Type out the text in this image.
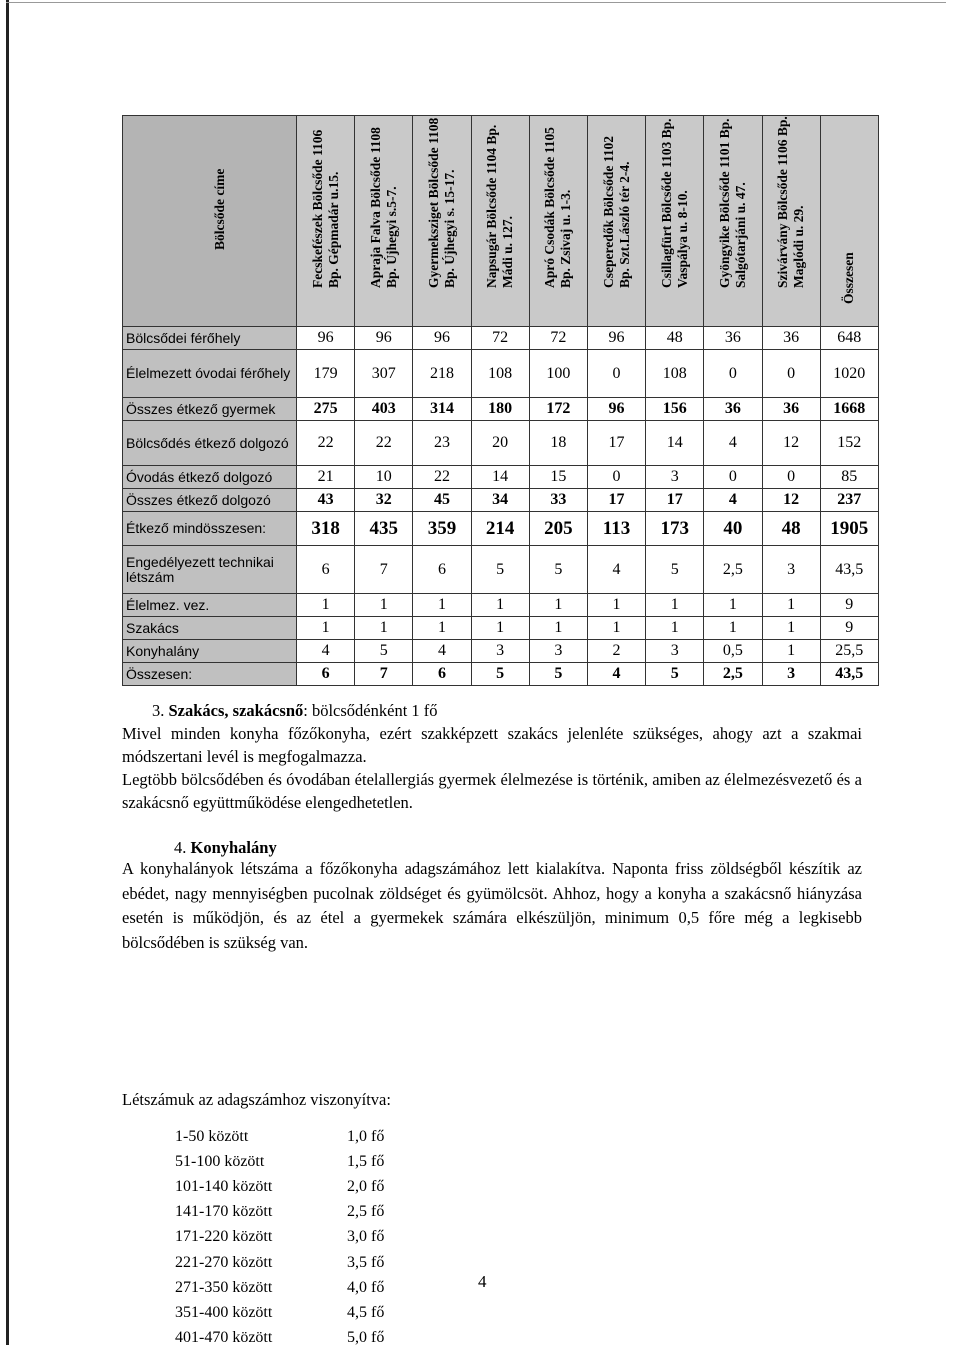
Bölcsőde címe	Fecskefészek Bölcsőde 1106 Bp. Gépmadár u.15.	Apraja Falva Bölcsőde 1108 Bp. Újhegyi s.5-7.	Gyermeksziget Bölcsőde 1108 Bp. Újhegyi s. 15-17.	Napsugár Bölcsőde 1104 Bp. Mádi u. 127.	Apró Csodák Bölcsőde 1105 Bp. Zsivaj u. 1-3.	Cseperedők Bölcsőde 1102 Bp. Szt.László tér 2-4.	Csillagfürt Bölcsőde 1103 Bp. Vaspálya u. 8-10.	Gyöngyike Bölcsőde 1101 Bp. Salgótarjáni u. 47.	Szivárvány Bölcsőde 1106 Bp. Maglódi u. 29.	Összesen

Bölcsődei férőhely	96	96	96	72	72	96	48	36	36	648
Élelmezett óvodai férőhely	179	307	218	108	100	0	108	0	0	1020
Összes étkező gyermek	275	403	314	180	172	96	156	36	36	1668
Bölcsődés étkező dolgozó	22	22	23	20	18	17	14	4	12	152
Óvodás étkező dolgozó	21	10	22	14	15	0	3	0	0	85
Összes étkező dolgozó	43	32	45	34	33	17	17	4	12	237
Étkező mindösszesen:	318	435	359	214	205	113	173	40	48	1905
Engedélyezett technikai létszám	6	7	6	5	5	4	5	2,5	3	43,5
Élelmez. vez.	1	1	1	1	1	1	1	1	1	9
Szakács	1	1	1	1	1	1	1	1	1	9
Konyhalány	4	5	4	3	3	2	3	0,5	1	25,5
Összesen:	6	7	6	5	5	4	5	2,5	3	43,5
3. Szakács, szakácsnő: bölcsődénként 1 fő
Mivel minden konyha főzőkonyha, ezért szakképzett szakács jelenléte szükséges, ahogy azt a szakmai módszertani levél is megfogalmazza.
Legtöbb bölcsődében és óvodában ételallergiás gyermek élelmezése is történik, amiben az élelmezésvezető és a szakácsnő együttműködése elengedhetetlen.
4. Konyhalány
A konyhalányok létszáma a főzőkonyha adagszámához lett kialakítva. Naponta friss zöldségből készítik az ebédet, nagy mennyiségben pucolnak zöldséget és gyümölcsöt. Ahhoz, hogy a konyha a szakácsnő hiányzása esetén is működjön, és az étel a gyermekek számára elkészüljön, minimum 0,5 főre még a legkisebb bölcsődében is szükség van.
Létszámuk az adagszámhoz viszonyítva:
1-50 között	1,0 fő
51-100 között	1,5 fő
101-140 között	2,0 fő
141-170 között	2,5 fő
171-220 között	3,0 fő
221-270 között	3,5 fő
271-350 között	4,0 fő
351-400 között	4,5 fő
401-470 között	5,0 fő
4
